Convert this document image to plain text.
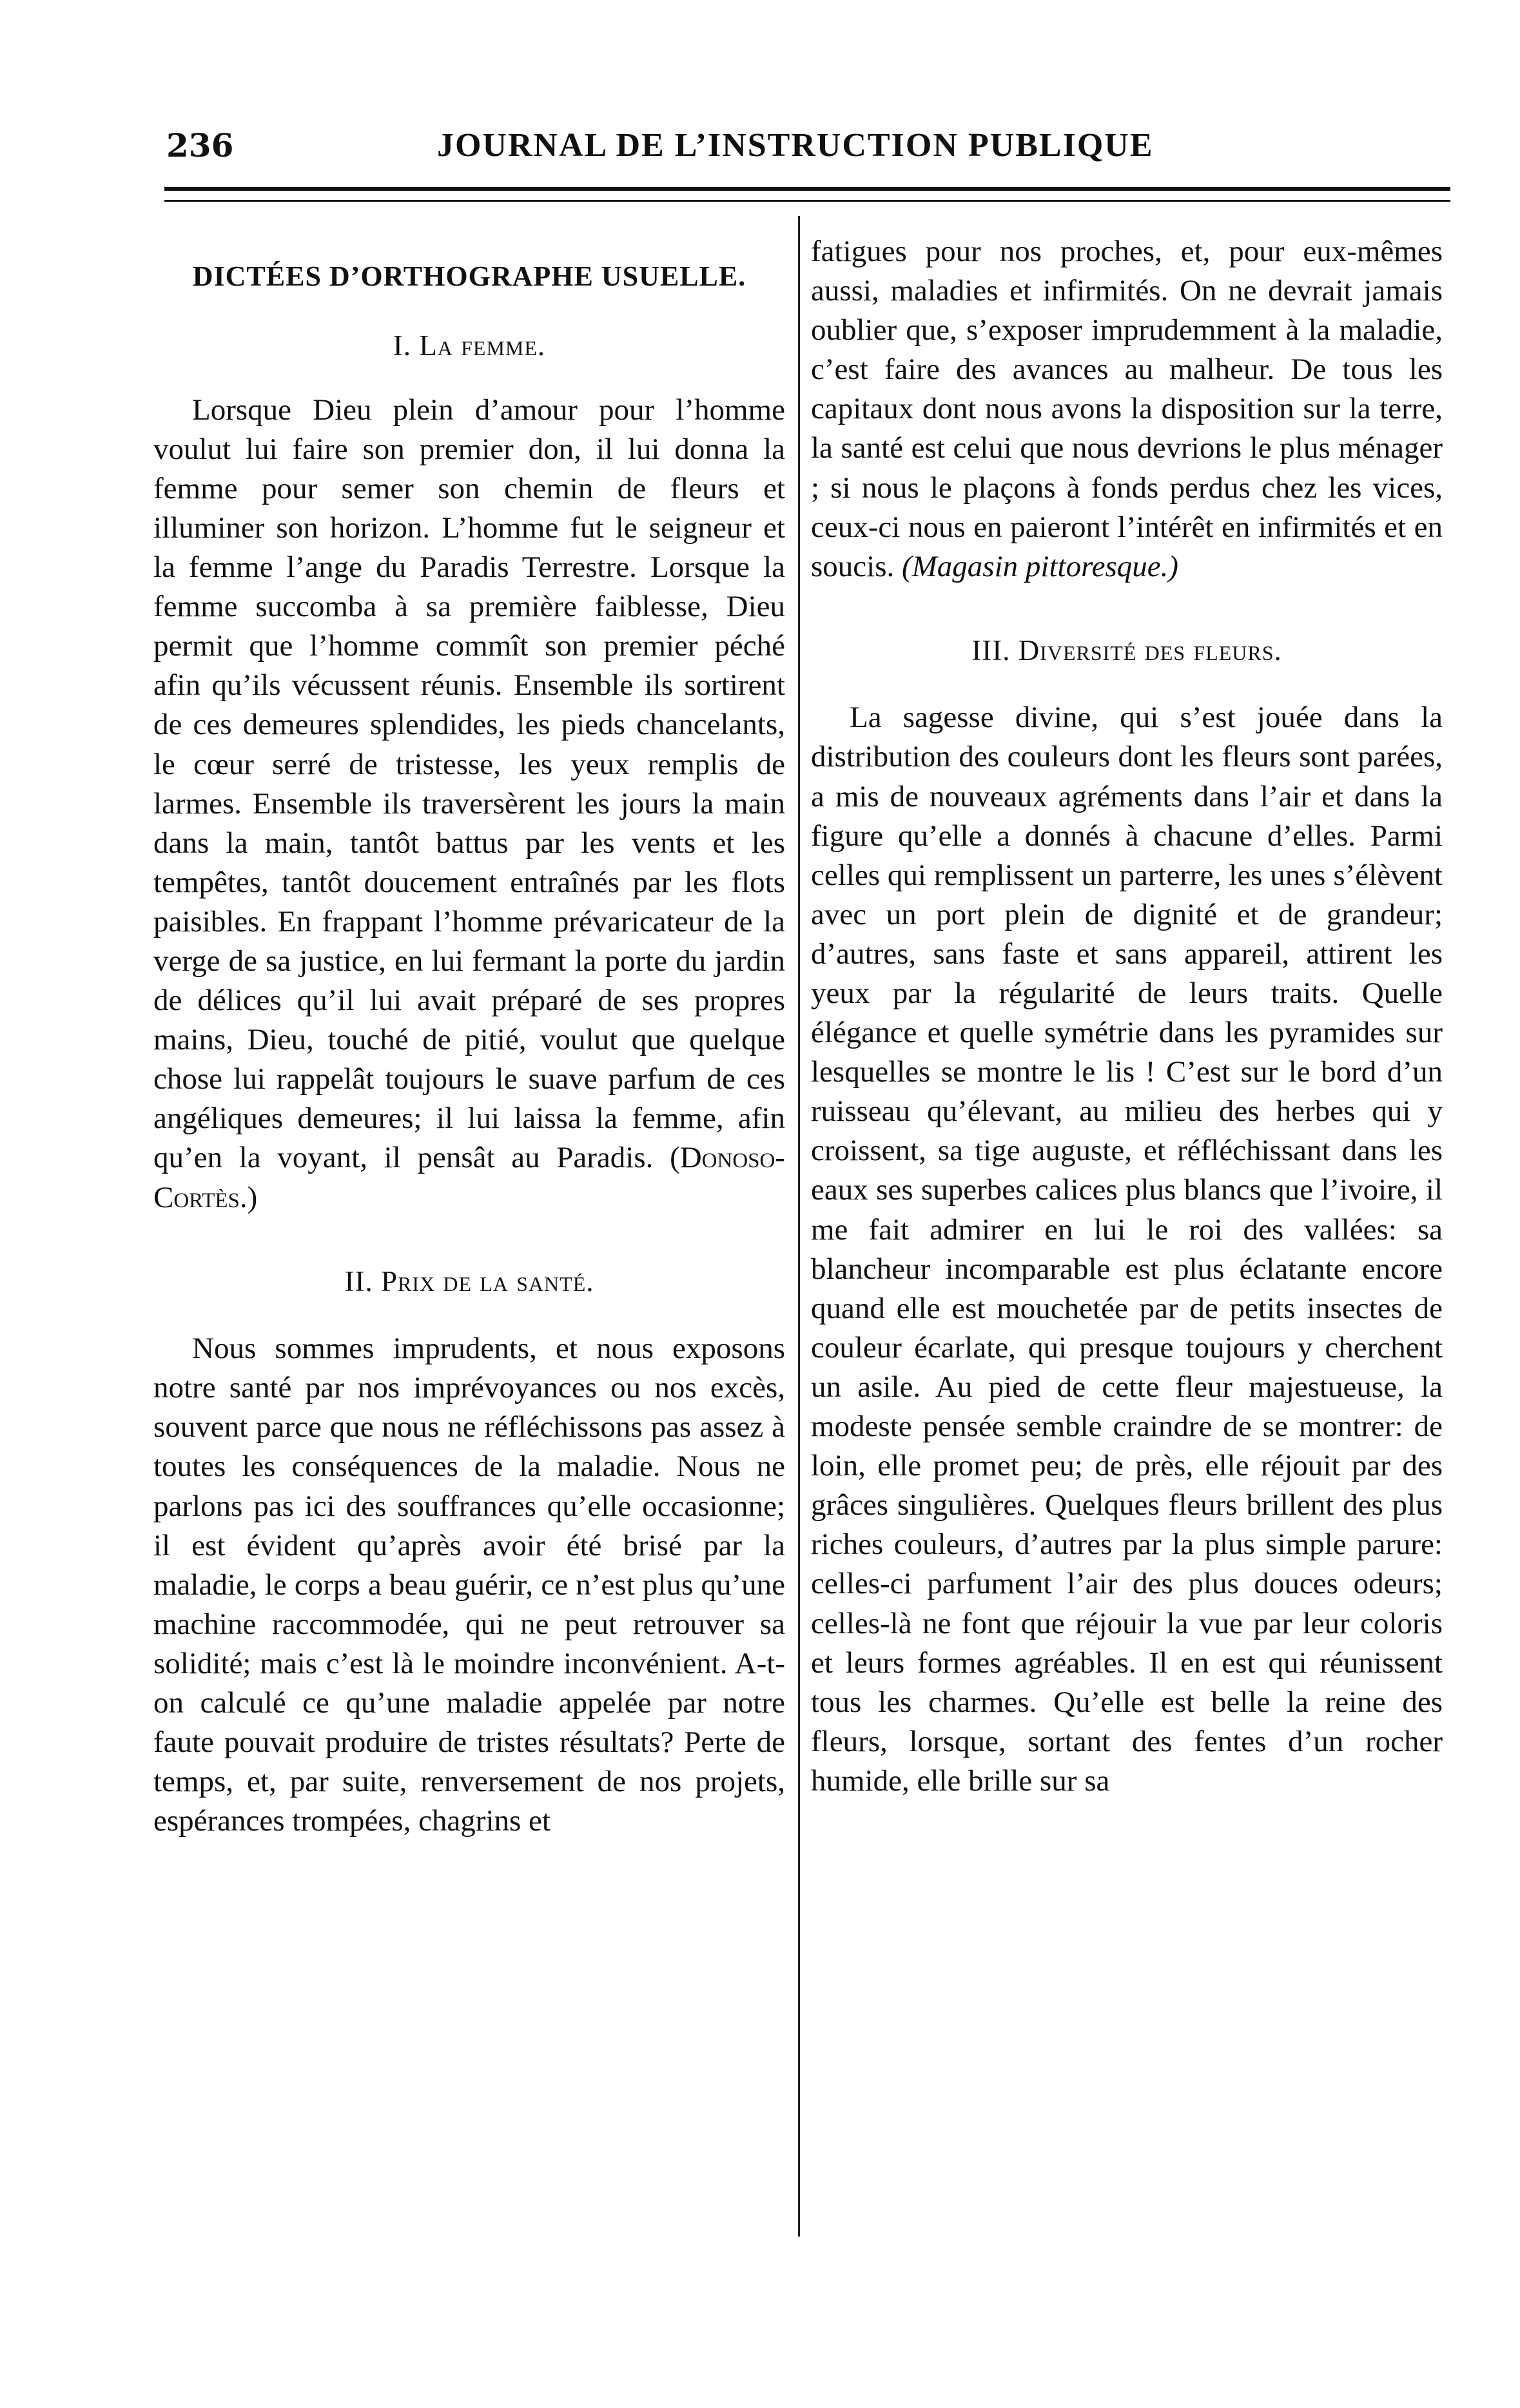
236	JOURNAL DE L’INSTRUCTION PUBLIQUE
DICTÉES D’ORTHOGRAPHE USUELLE.
I. La femme.

Lorsque Dieu plein d’amour pour l’homme voulut lui faire son premier don, il lui donna la femme pour semer son chemin de fleurs et illuminer son horizon. L’homme fut le seigneur et la femme l’ange du Paradis Terrestre. Lorsque la femme succomba à sa première faiblesse, Dieu permit que l’homme commît son premier péché afin qu’ils vécussent réunis. Ensemble ils sortirent de ces demeures splendides, les pieds chancelants, le cœur serré de tristesse, les yeux remplis de larmes. Ensemble ils traversèrent les jours la main dans la main, tantôt battus par les vents et les tempêtes, tantôt doucement entraînés par les flots paisibles. En frappant l’homme prévaricateur de la verge de sa justice, en lui fermant la porte du jardin de délices qu’il lui avait préparé de ses propres mains, Dieu, touché de pitié, voulut que quelque chose lui rappelât toujours le suave parfum de ces angéliques demeures; il lui laissa la femme, afin qu’en la voyant, il pensât au Paradis. (Donoso-Cortès.)

II. Prix de la santé.

Nous sommes imprudents, et nous exposons notre santé par nos imprévoyances ou nos excès, souvent parce que nous ne réfléchissons pas assez à toutes les conséquences de la maladie. Nous ne parlons pas ici des souffrances qu’elle occasionne; il est évident qu’après avoir été brisé par la maladie, le corps a beau guérir, ce n’est plus qu’une machine raccommodée, qui ne peut retrouver sa solidité; mais c’est là le moindre inconvénient. A-t-on calculé ce qu’une maladie appelée par notre faute pouvait produire de tristes résultats? Perte de temps, et, par suite, renversement de nos projets, espérances trompées, chagrins et

fatigues pour nos proches, et, pour eux-mêmes aussi, maladies et infirmités. On ne devrait jamais oublier que, s’exposer imprudemment à la maladie, c’est faire des avances au malheur. De tous les capitaux dont nous avons la disposition sur la terre, la santé est celui que nous devrions le plus ménager ; si nous le plaçons à fonds perdus chez les vices, ceux-ci nous en paieront l’intérêt en infirmités et en soucis. (Magasin pittoresque.)

III. Diversité des fleurs.

La sagesse divine, qui s’est jouée dans la distribution des couleurs dont les fleurs sont parées, a mis de nouveaux agréments dans l’air et dans la figure qu’elle a donnés à chacune d’elles. Parmi celles qui remplissent un parterre, les unes s’élèvent avec un port plein de dignité et de grandeur; d’autres, sans faste et sans appareil, attirent les yeux par la régularité de leurs traits. Quelle élégance et quelle symétrie dans les pyramides sur lesquelles se montre le lis ! C’est sur le bord d’un ruisseau qu’élevant, au milieu des herbes qui y croissent, sa tige auguste, et réfléchissant dans les eaux ses superbes calices plus blancs que l’ivoire, il me fait admirer en lui le roi des vallées: sa blancheur incomparable est plus éclatante encore quand elle est mouchetée par de petits insectes de couleur écarlate, qui presque toujours y cherchent un asile. Au pied de cette fleur majestueuse, la modeste pensée semble craindre de se montrer: de loin, elle promet peu; de près, elle réjouit par des grâces singulières. Quelques fleurs brillent des plus riches couleurs, d’autres par la plus simple parure: celles-ci parfument l’air des plus douces odeurs; celles-là ne font que réjouir la vue par leur coloris et leurs formes agréables. Il en est qui réunissent tous les charmes. Qu’elle est belle la reine des fleurs, lorsque, sortant des fentes d’un rocher humide, elle brille sur sa
